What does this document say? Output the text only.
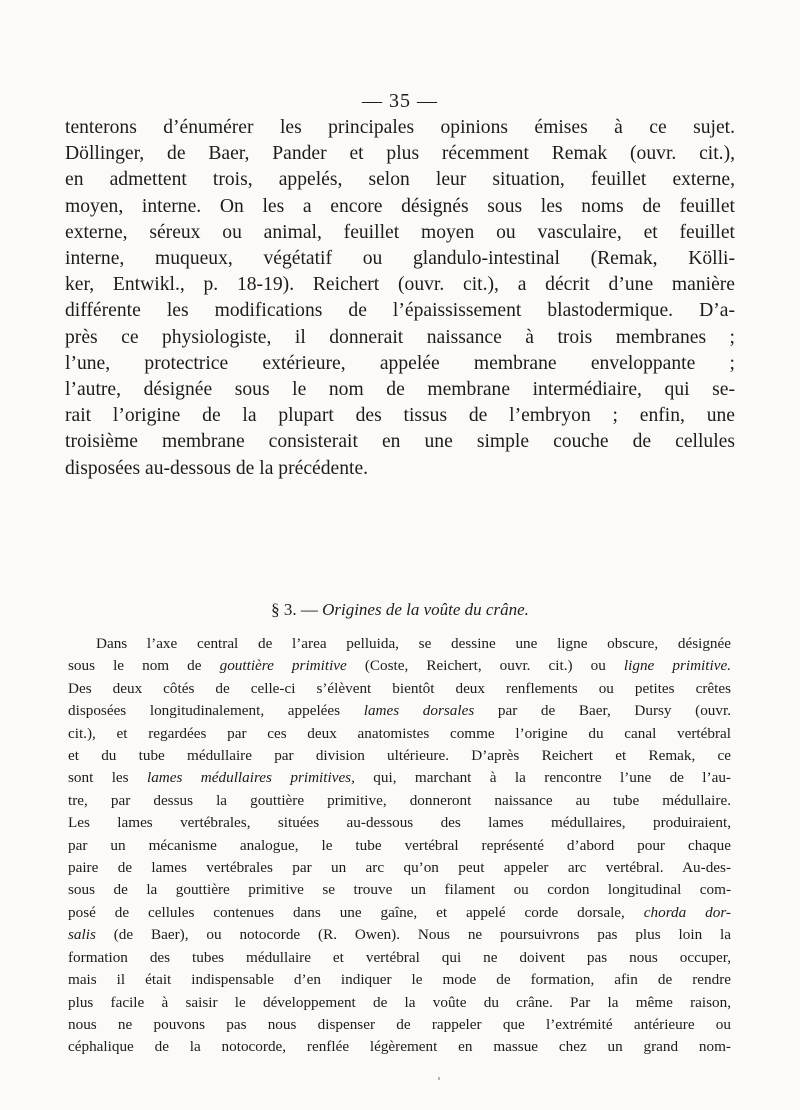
— 35 —
tenterons d’énumérer les principales opinions émises à ce sujet.
Döllinger, de Baer, Pander et plus récemment Remak (ouvr. cit.),
en admettent trois, appelés, selon leur situation, feuillet externe,
moyen, interne. On les a encore désignés sous les noms de feuillet
externe, séreux ou animal, feuillet moyen ou vasculaire, et feuillet
interne, muqueux, végétatif ou glandulo-intestinal (Remak, Kölli-
ker, Entwikl., p. 18-19). Reichert (ouvr. cit.), a décrit d’une manière
différente les modifications de l’épaississement blastodermique. D’a-
près ce physiologiste, il donnerait naissance à trois membranes ;
l’une, protectrice extérieure, appelée membrane enveloppante ;
l’autre, désignée sous le nom de membrane intermédiaire, qui se-
rait l’origine de la plupart des tissus de l’embryon ; enfin, une
troisième membrane consisterait en une simple couche de cellules
disposées au-dessous de la précédente.

§ 3. — Origines de la voûte du crâne.

Dans l’axe central de l’area pelluida, se dessine une ligne obscure, désignée
sous le nom de gouttière primitive (Coste, Reichert, ouvr. cit.) ou ligne primitive.
Des deux côtés de celle-ci s’élèvent bientôt deux renflements ou petites crêtes
disposées longitudinalement, appelées lames dorsales par de Baer, Dursy (ouvr.
cit.), et regardées par ces deux anatomistes comme l’origine du canal vertébral
et du tube médullaire par division ultérieure. D’après Reichert et Remak, ce
sont les lames médullaires primitives, qui, marchant à la rencontre l’une de l’au-
tre, par dessus la gouttière primitive, donneront naissance au tube médullaire.
Les lames vertébrales, situées au-dessous des lames médullaires, produiraient,
par un mécanisme analogue, le tube vertébral représenté d’abord pour chaque
paire de lames vertébrales par un arc qu’on peut appeler arc vertébral. Au-des-
sous de la gouttière primitive se trouve un filament ou cordon longitudinal com-
posé de cellules contenues dans une gaîne, et appelé corde dorsale, chorda dor-
salis (de Baer), ou notocorde (R. Owen). Nous ne poursuivrons pas plus loin la
formation des tubes médullaire et vertébral qui ne doivent pas nous occuper,
mais il était indispensable d’en indiquer le mode de formation, afin de rendre
plus facile à saisir le développement de la voûte du crâne. Par la même raison,
nous ne pouvons pas nous dispenser de rappeler que l’extrémité antérieure ou
céphalique de la notocorde, renflée légèrement en massue chez un grand nom-
